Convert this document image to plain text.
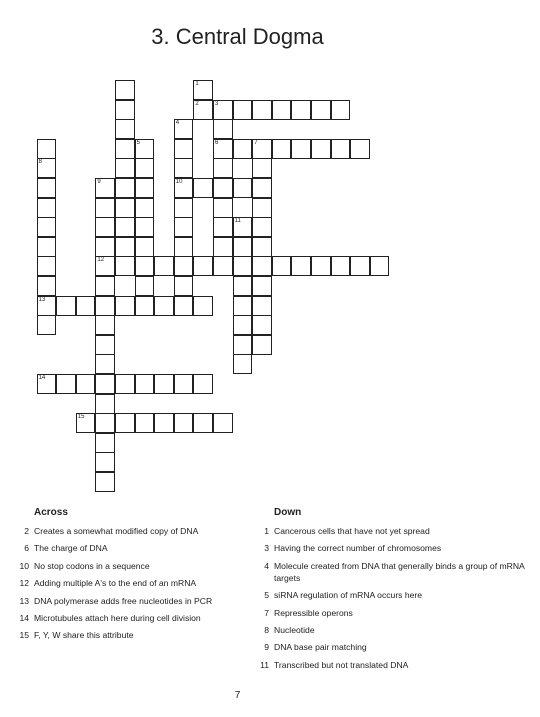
3. Central Dogma
1
2	3
6
4
10
5	7
8
13
9
12
11
14
15
Across
2 Creates a somewhat modified copy of DNA
6 The charge of DNA
10 No stop codons in a sequence
12 Adding multiple A's to the end of an mRNA
13 DNA polymerase adds free nucleotides in PCR
14 Microtubules attach here during cell division
15 F, Y, W share this attribute
Down
1 Cancerous cells that have not yet spread
3 Having the correct number of chromosomes
4 Molecule created from DNA that generally binds a group of mRNA targets
5 siRNA regulation of mRNA occurs here
7 Repressible operons
8 Nucleotide
9 DNA base pair matching
11 Transcribed but not translated DNA
7
